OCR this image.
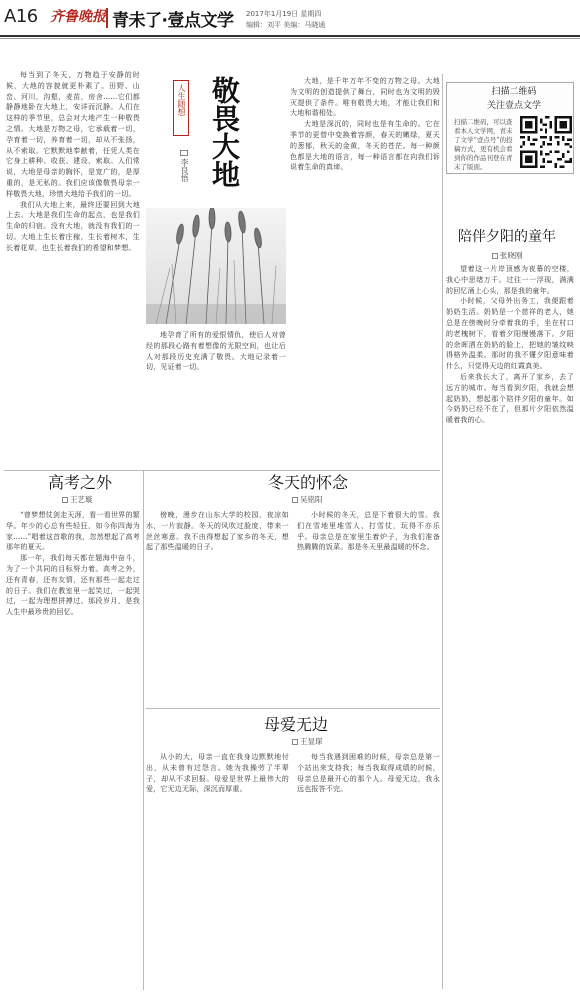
A16 齐鲁晚报 青未了·壹点文学 2017年1月19日 星期四
编辑：刘平 美编：马晓通

每当到了冬天，万物趋于安静的时候，大地的容貌就更朴素了。田野、山峦、河川，沟壑，麦苗，房舍……它们都静静地卧在大地上，安详而沉静。人们在这样的季节里，总会对大地产生一种敬畏之情。大地是万物之母，它承载着一切，孕育着一切，养育着一切，却从不张扬，从不索取。它默默地奉献着，任凭人类在它身上耕种、收获、建设、索取。人们常说，大地是母亲的胸怀，是宽广的，是厚重的，是无私的。我们应该像敬畏母亲一样敬畏大地，珍惜大地给予我们的一切。

我们从大地上来，最终还要回到大地上去。大地是我们生命的起点，也是我们生命的归宿。没有大地，就没有我们的一切。大地上生长着庄稼，生长着树木，生长着花草，也生长着我们的希望和梦想。

人生随想 敬畏大地
李良悟

地孕育了所有的爱恨情仇，使后人对曾经的那段心路有着想像的无限空间，也让后人对那段历史充满了敬畏。大地记录着一切，见证着一切。

大地，是千年万年不变的万物之母。大地为文明的创造提供了舞台，同时也为文明的毁灭提供了条件。唯有敬畏大地，才能让我们和大地和谐相处。

大地是深沉的，同时也是有生命的。它在季节的更替中变换着容颜，春天的嫩绿，夏天的葱郁，秋天的金黄，冬天的苍茫。每一种颜色都是大地的语言，每一种语言都在向我们诉说着生命的真谛。

扫描二维码
关注壹点文学
扫描二维码，可以查看本人文学网，青未了文学“壹点号”的投稿方式，更有机会看到你的作品刊登在青未了版面。
陪伴夕阳的童年
张晓刚

望着这一片岸顶感为夜幕的空楼，我心中思绪万千。过往一一浮现，满满的回忆涌上心头，那是我的童年。

小时候，父母外出务工，我便跟着奶奶生活。奶奶是一个慈祥的老人，她总是在傍晚时分牵着我的手，坐在村口的老槐树下，看着夕阳慢慢落下。夕阳的余晖洒在奶奶的脸上，把她的皱纹映得格外温柔。那时的我不懂夕阳意味着什么，只觉得天边的红霞真美。

后来我长大了，离开了家乡，去了远方的城市。每当看到夕阳，我就会想起奶奶，想起那个陪伴夕阳的童年。如今奶奶已经不在了，但那片夕阳依然温暖着我的心。

高考之外
王艺璇

“曾梦想仗剑走天涯，看一看世界的繁华。年少的心总有些轻狂，如今你四海为家……”唱着这首歌的我，忽然想起了高考那年的夏天。

那一年，我们每天都在题海中奋斗，为了一个共同的目标努力着。高考之外，还有青春，还有友情，还有那些一起走过的日子。我们在教室里一起笑过，一起哭过，一起为理想拼搏过。那段岁月，是我人生中最珍贵的回忆。

冬天的怀念
吴铭阳

傍晚，漫步在山东大学的校园，夜凉如水，一片寂静。冬天的风吹过脸庞，带来一丝丝寒意。我不由得想起了家乡的冬天，想起了那些温暖的日子。

小时候的冬天，总是下着很大的雪。我们在雪地里堆雪人、打雪仗，玩得不亦乐乎。母亲总是在家里生着炉子，为我们准备热腾腾的饭菜。那是冬天里最温暖的怀念。

母爱无边
王显琛

从小的大，母亲一直在我身边默默地付出，从未曾有过怨言。她为我操劳了半辈子，却从不求回报。母爱是世界上最伟大的爱，它无边无际，深沉而厚重。

每当我遇到困难的时候，母亲总是第一个站出来支持我；每当我取得成绩的时候，母亲总是最开心的那个人。母爱无边，我永远也报答不完。
